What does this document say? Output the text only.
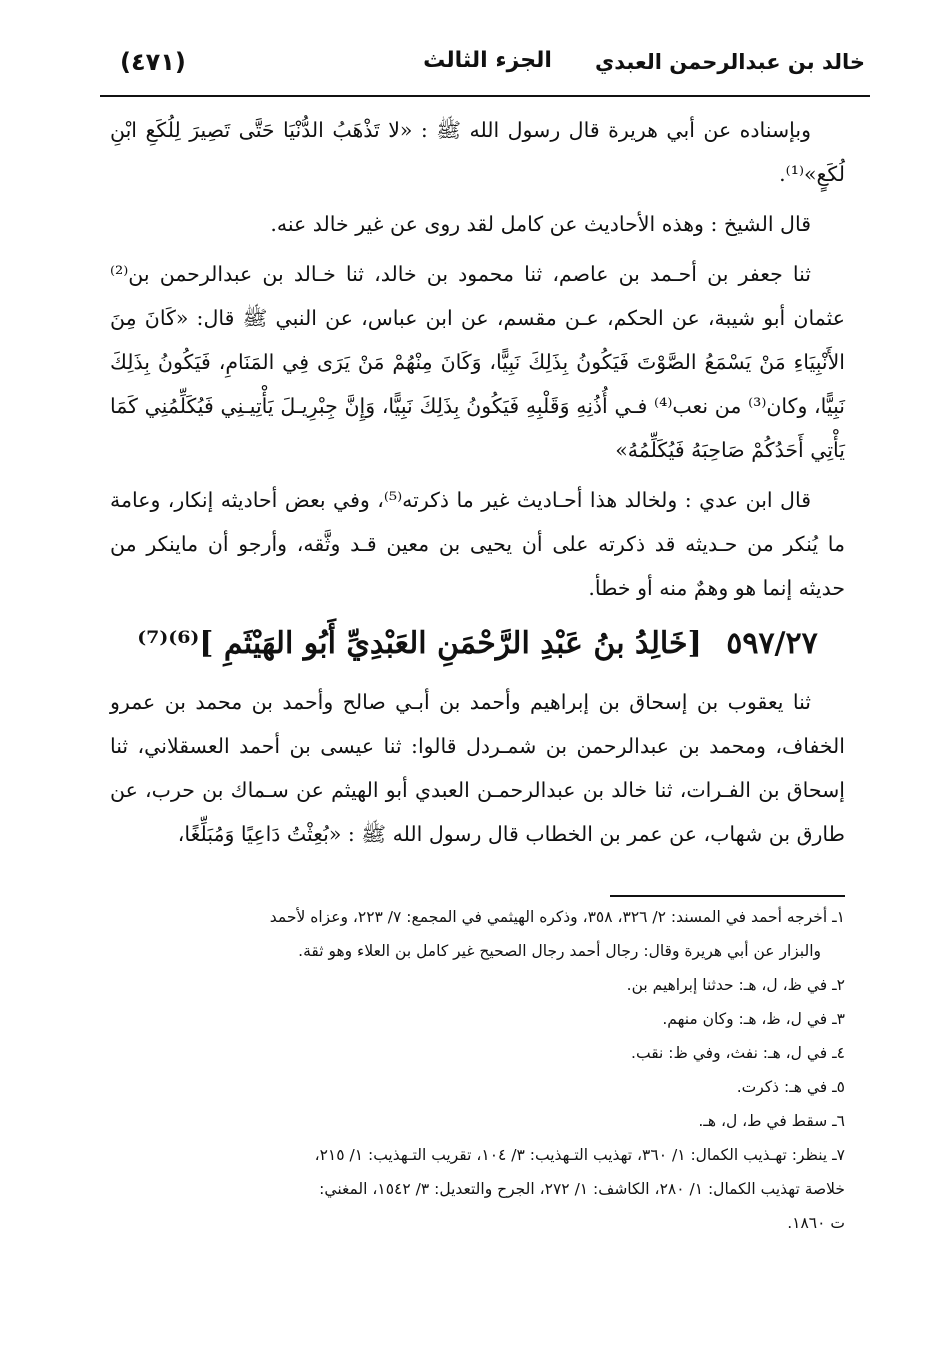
خالد بن عبدالرحمن العبدي
الجزء الثالث
(٤٧١)

وبإسناده عن أبي هريرة قال رسول الله ﷺ : «لا تَذْهَبُ الدُّنْيَا حَتَّى تَصِيرَ لِلُكَعِ ابْنِ لُكَعٍ»⁽¹⁾.

قال الشيخ : وهذه الأحاديث عن كامل لقد روى عن غير خالد عنه.

ثنا جعفر بن أحـمد بن عاصم، ثنا محمود بن خالد، ثنا خـالد بن عبدالرحمن بن⁽²⁾ عثمان أبو شيبة، عن الحكم، عـن مقسم، عن ابن عباس، عن النبي ﷺ قال: «كَانَ مِنَ الأَنْبِيَاءِ مَنْ يَسْمَعُ الصَّوْتَ فَيَكُونُ بِذَلِكَ نَبِيًّا، وَكَانَ مِنْهُمْ مَنْ يَرَى فِي المَنَامِ، فَيَكُونُ بِذَلِكَ نَبِيًّا، وكان⁽³⁾ من نعب⁽⁴⁾ فـي أُذُنِهِ وَقَلْبِهِ فَيَكُونُ بِذَلِكَ نَبِيًّا، وَإِنَّ جِبْرِيـلَ يَأْتِيـنِي فَيُكَلِّمُنِي كَمَا يَأْتِي أَحَدُكُمْ صَاحِبَهُ فَيُكَلِّمُهُ»

قال ابن عدي : ولخالد هذا أحـاديث غير ما ذكرته⁽⁵⁾، وفي بعض أحاديثه إنكار، وعامة ما يُنكر من حـديثه قد ذكرته على أن يحيى بن معين قـد وثَّقه، وأرجو أن ماينكر من حديثه إنما هو وهمٌ منه أو خطأ.

٥٩٧/٢٧ [خَالِدُ بنُ عَبْدِ الرَّحْمَنِ العَبْدِيِّ أَبُو الهَيْثَمِ ]⁽⁶⁾⁽⁷⁾

ثنا يعقوب بن إسحاق بن إبراهيم وأحمد بن أبـي صالح وأحمد بن محمد بن عمرو الخفاف، ومحمد بن عبدالرحمن بن شمـردل قالوا: ثنا عيسى بن أحمد العسقلاني، ثنا إسحاق بن الفـرات، ثنا خالد بن عبدالرحمـن العبدي أبو الهيثم عن سـماك بن حرب، عن طارق بن شهاب، عن عمر بن الخطاب قال رسول الله ﷺ : «بُعِثْتُ دَاعِيًا وَمُبَلِّغًا،

١ـ أخرجه أحمد في المسند: ٢/ ٣٢٦، ٣٥٨، وذكره الهيثمي في المجمع: ٧/ ٢٢٣، وعزاه لأحمد

والبزار عن أبي هريرة وقال: رجال أحمد رجال الصحيح غير كامل بن العلاء وهو ثقة.

٢ـ في ظ، ل، هـ: حدثنا إبراهيم بن.

٣ـ في ل، ظ، هـ: وكان منهم.

٤ـ في ل، هـ: نفث، وفي ظ: نقب.

٥ـ في هـ: ذكرت.

٦ـ سقط في ط، ل، هـ.

٧ـ ينظر: تهـذيب الكمال: ١/ ٣٦٠، تهذيب التـهذيب: ٣/ ١٠٤، تقريب التـهذيب: ١/ ٢١٥،

خلاصة تهذيب الكمال: ١/ ٢٨٠، الكاشف: ١/ ٢٧٢، الجرح والتعديل: ٣/ ١٥٤٢، المغني:

ت ١٨٦٠.
